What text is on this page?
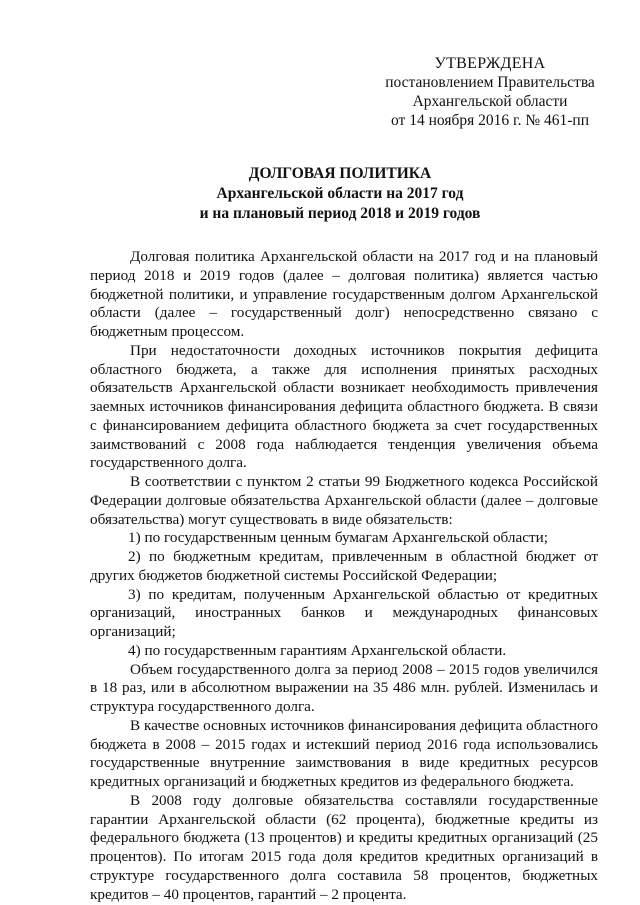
УТВЕРЖДЕНА
постановлением Правительства
Архангельской области
от 14 ноября 2016 г. № 461-пп
ДОЛГОВАЯ ПОЛИТИКА
Архангельской области на 2017 год
и на плановый период 2018 и 2019 годов

Долговая политика Архангельской области на 2017 год и на плановый период 2018 и 2019 годов (далее – долговая политика) является частью бюджетной политики, и управление государственным долгом Архангельской области (далее – государственный долг) непосредственно связано с бюджетным процессом.

При недостаточности доходных источников покрытия дефицита областного бюджета, а также для исполнения принятых расходных обязательств Архангельской области возникает необходимость привлечения заемных источников финансирования дефицита областного бюджета. В связи с финансированием дефицита областного бюджета за счет государственных заимствований с 2008 года наблюдается тенденция увеличения объема государственного долга.

В соответствии с пунктом 2 статьи 99 Бюджетного кодекса Российской Федерации долговые обязательства Архангельской области (далее – долговые обязательства) могут существовать в виде обязательств:

1) по государственным ценным бумагам Архангельской области;

2) по бюджетным кредитам, привлеченным в областной бюджет от других бюджетов бюджетной системы Российской Федерации;

3) по кредитам, полученным Архангельской областью от кредитных организаций, иностранных банков и международных финансовых организаций;

4) по государственным гарантиям Архангельской области.

Объем государственного долга за период 2008 – 2015 годов увеличился в 18 раз, или в абсолютном выражении на 35 486 млн. рублей. Изменилась и структура государственного долга.

В качестве основных источников финансирования дефицита областного бюджета в 2008 – 2015 годах и истекший период 2016 года использовались государственные внутренние заимствования в виде кредитных ресурсов кредитных организаций и бюджетных кредитов из федерального бюджета.

В 2008 году долговые обязательства составляли государственные гарантии Архангельской области (62 процента), бюджетные кредиты из федерального бюджета (13 процентов) и кредиты кредитных организаций (25 процентов). По итогам 2015 года доля кредитов кредитных организаций в структуре государственного долга составила 58 процентов, бюджетных кредитов – 40 процентов, гарантий – 2 процента.
